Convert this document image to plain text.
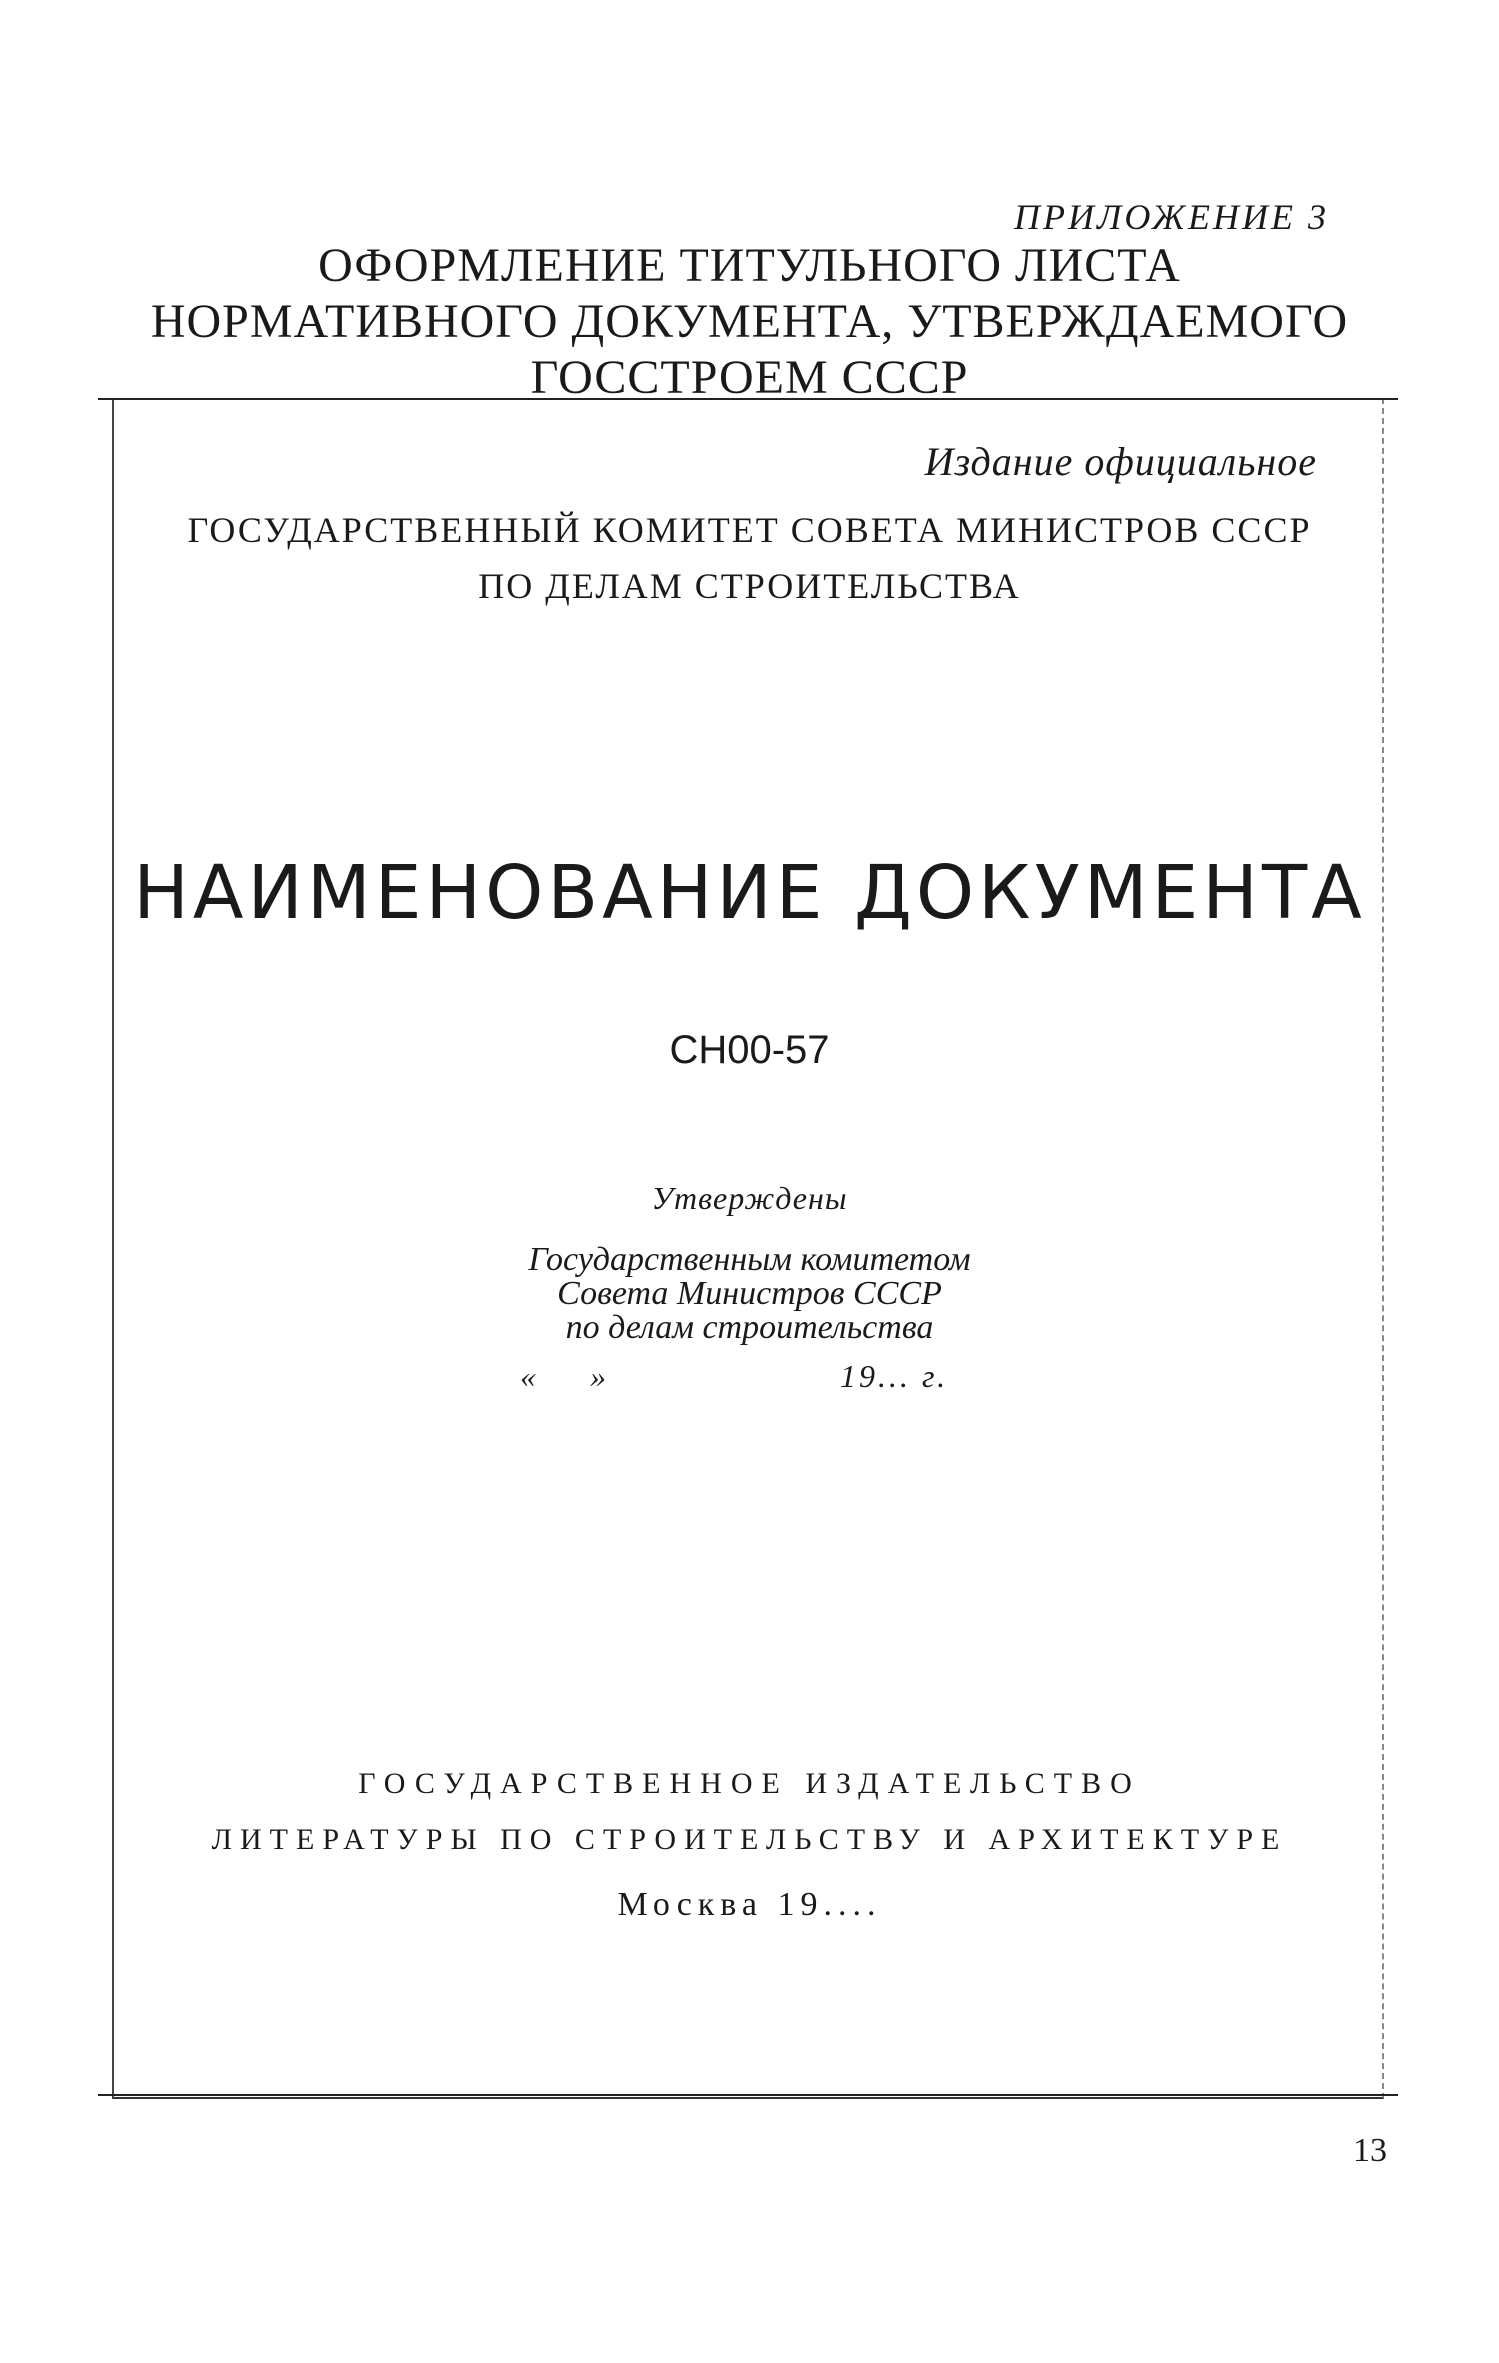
ПРИЛОЖЕНИЕ 3
ОФОРМЛЕНИЕ ТИТУЛЬНОГО ЛИСТА
НОРМАТИВНОГО ДОКУМЕНТА, УТВЕРЖДАЕМОГО
ГОССТРОЕМ СССР
Издание официальное
ГОСУДАРСТВЕННЫЙ КОМИТЕТ СОВЕТА МИНИСТРОВ СССР
ПО ДЕЛАМ СТРОИТЕЛЬСТВА
НАИМЕНОВАНИЕ ДОКУМЕНТА
СН00-57
Утверждены
Государственным комитетом
Совета Министров СССР
по делам строительства
« »	19... г.
ГОСУДАРСТВЕННОЕ ИЗДАТЕЛЬСТВО
ЛИТЕРАТУРЫ ПО СТРОИТЕЛЬСТВУ И АРХИТЕКТУРЕ
Москва 19....
13
